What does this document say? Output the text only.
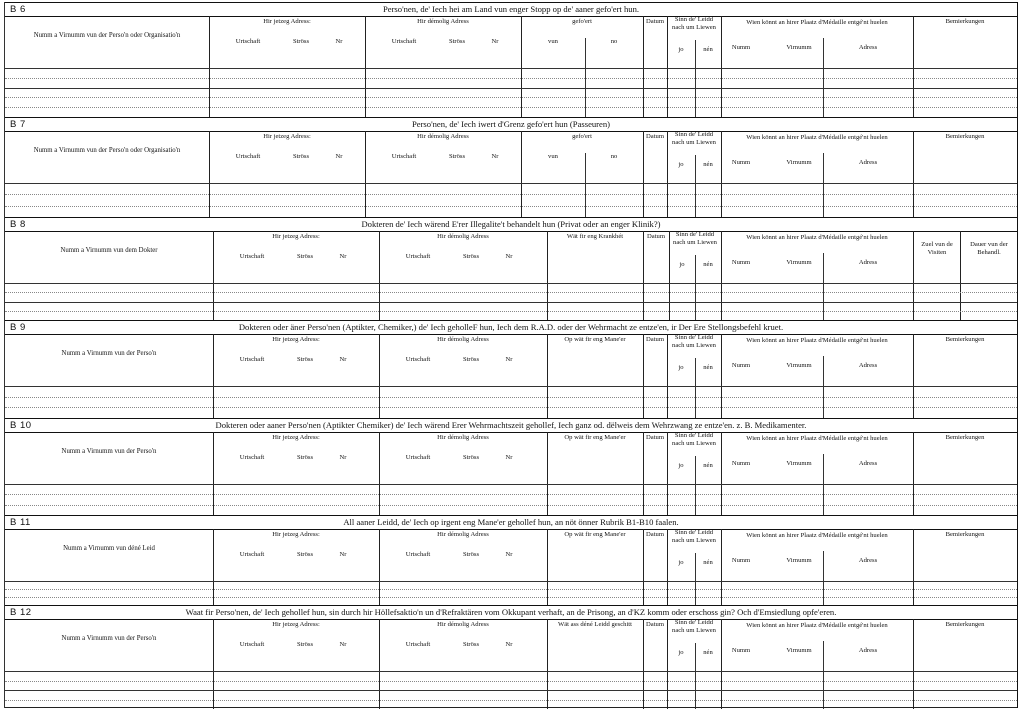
B 6	Perso'nen, de' Iech hei am Land vun enger Stopp op de' aaner gefo'ert hun.
Numm a Virnumm vun der Perso'n oder Organisatio'n
Hir jetzeg Adress:
Urtschaft	Ströss	Nr
Hir démolig Adress
Urtschaft	Ströss	Nr
gefo'ert
vun	no
Datum	Sinn de' Leidd nach um Liewen
jo	nén
Wien könnt an hirer Plaatz d'Médaille entgé'nt huelen
Numm	Virnumm	Adress
Bemierkungen
B 7	Perso'nen, de' Iech iwert d'Grenz gefo'ert hun (Passeuren)
Numm a Virnumm vun der Perso'n oder Organisatio'n
Hir jetzeg Adress:
Urtschaft	Ströss	Nr
Hir démolig Adress
Urtschaft	Ströss	Nr
gefo'ert
vun	no
Datum	Sinn de' Leidd nach um Liewen
jo	nén
Wien könnt an hirer Plaatz d'Médaille entgé'nt huelen
Numm	Virnumm	Adress
Bemierkungen
B 8	Dokteren de' Iech wärend E'rer Illegalite't behandelt hun (Privat oder an enger Klinik?)
Numm a Virnumm vun dem Dokter
Hir jetzeg Adress:
Urtschaft	Ströss	Nr
Hir démolig Adress
Urtschaft	Ströss	Nr
Wät fir eng Krankhét	Datum	Sinn de' Leidd nach um Liewen
jo	nén
Wien könnt an hirer Plaatz d'Médaille entgé'nt huelen
Numm	Virnumm	Adress
Zuel vun de Visiten
Dauer vun der Behandl.
B 9	Dokteren oder äner Perso'nen (Aptikter, Chemiker,) de' Iech geholleF hun, Iech dem R.A.D. oder der Wehrmacht ze entze'en, ir Der Ere Stellongsbefehl kruet.
Numm a Virnumm vun der Perso'n
Hir jetzeg Adress:
Urtschaft	Ströss	Nr
Hir démolig Adress
Urtschaft	Ströss	Nr
Op wät fir eng Mane'er	Datum	Sinn de' Leidd nach um Liewen
jo	nén
Wien könnt an hirer Plaatz d'Médaille entgé'nt huelen
Numm	Virnumm	Adress
Bemierkungen
B 10	Dokteren oder aaner Perso'nen (Aptikter Chemiker) de' Iech wärend Erer Wehrmachtszeit gehollef, Iech ganz od. dëlweis dem Wehrzwang ze entze'en. z. B. Medikamenter.
Numm a Virnumm vun der Perso'n
Hir jetzeg Adress:
Urtschaft	Ströss	Nr
Hir démolig Adress
Urtschaft	Ströss	Nr
Op wät fir eng Mane'er	Datum	Sinn de' Leidd nach um Liewen
jo	nén
Wien könnt an hirer Plaatz d'Médaille entgé'nt huelen
Numm	Virnumm	Adress
Bemierkungen
B 11	All aaner Leidd, de' Iech op irgent eng Mane'er gehollef hun, an nöt önner Rubrik B1-B10 faalen.
Numm a Virnumm vun déné Leid
Hir jetzeg Adress:
Urtschaft	Ströss	Nr
Hir démolig Adress
Urtschaft	Ströss	Nr
Op wät fir eng Mane'er	Datum	Sinn de' Leidd nach um Liewen
jo	nén
Wien könnt an hirer Plaatz d'Médaille entgé'nt huelen
Numm	Virnumm	Adress
Bemierkungen
B 12	Waat fir Perso'nen, de' Iech gehollef hun, sin durch hir Höllefsaktio'n un d'Refraktären vom Okkupant verhaft, an de Prisong, an d'KZ komm oder erschoss gin? Och d'Emsiedlung opfe'eren.
Numm a Virnumm vun der Perso'n
Hir jetzeg Adress:
Urtschaft	Ströss	Nr
Hir démolig Adress
Urtschaft	Ströss	Nr
Wät ass déné Leidd geschitt	Datum	Sinn de' Leidd nach um Liewen
jo	nén
Wien könnt an hirer Plaatz d'Médaille entgé'nt huelen
Numm	Virnumm	Adress
Bemierkungen
